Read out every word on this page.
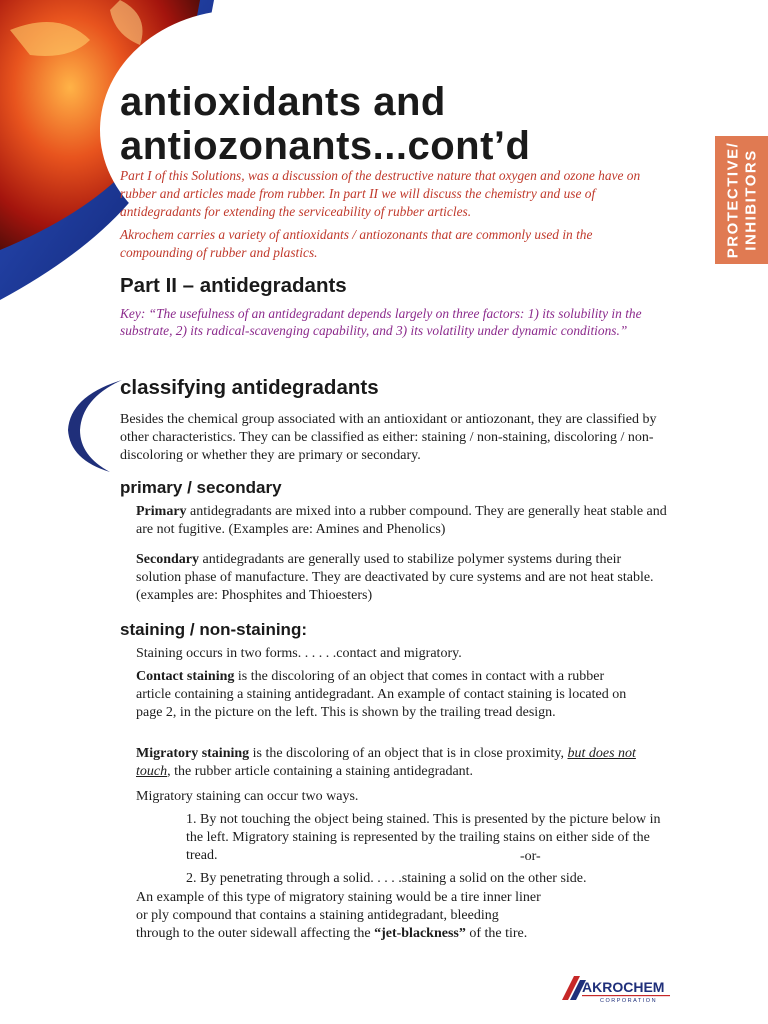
PROTECTIVE/ INHIBITORS
antioxidants and
antiozonants...cont’d
Part I of this Solutions, was a discussion of the destructive nature that oxygen and ozone have on rubber and articles made from rubber. In part II we will discuss the chemistry and use of antidegradants for extending the serviceability of rubber articles.
Akrochem carries a variety of antioxidants / antiozonants that are commonly used in the compounding of rubber and plastics.
Part II – antidegradants
Key: “The usefulness of an antidegradant depends largely on three factors: 1) its solubility in the substrate, 2) its radical-scavenging capability, and 3) its volatility under dynamic conditions.”
classifying antidegradants
Besides the chemical group associated with an antioxidant or antiozonant, they are classified by other characteristics. They can be classified as either: staining / non-staining, discoloring / non-discoloring or whether they are primary or secondary.
primary / secondary
Primary antidegradants are mixed into a rubber compound. They are generally heat stable and are not fugitive. (Examples are: Amines and Phenolics)
Secondary antidegradants are generally used to stabilize polymer systems during their solution phase of manufacture. They are deactivated by cure systems and are not heat stable. (examples are: Phosphites and Thioesters)
staining / non-staining:
Staining occurs in two forms. . . . . .contact and migratory.
Contact staining is the discoloring of an object that comes in contact with a rubber article containing a staining antidegradant. An example of contact staining is located on page 2, in the picture on the left. This is shown by the trailing tread design.
Migratory staining is the discoloring of an object that is in close proximity, but does not touch, the rubber article containing a staining antidegradant.
Migratory staining can occur two ways.
1. By not touching the object being stained. This is presented by the picture below in the left. Migratory staining is represented by the trailing stains on either side of the tread.	-or-
2. By penetrating through a solid. . . . .staining a solid on the other side.
An example of this type of migratory staining would be a tire inner liner
or ply compound that contains a staining antidegradant, bleeding
through to the outer sidewall affecting the “jet-blackness” of the tire.
AKROCHEM
CORPORATION
